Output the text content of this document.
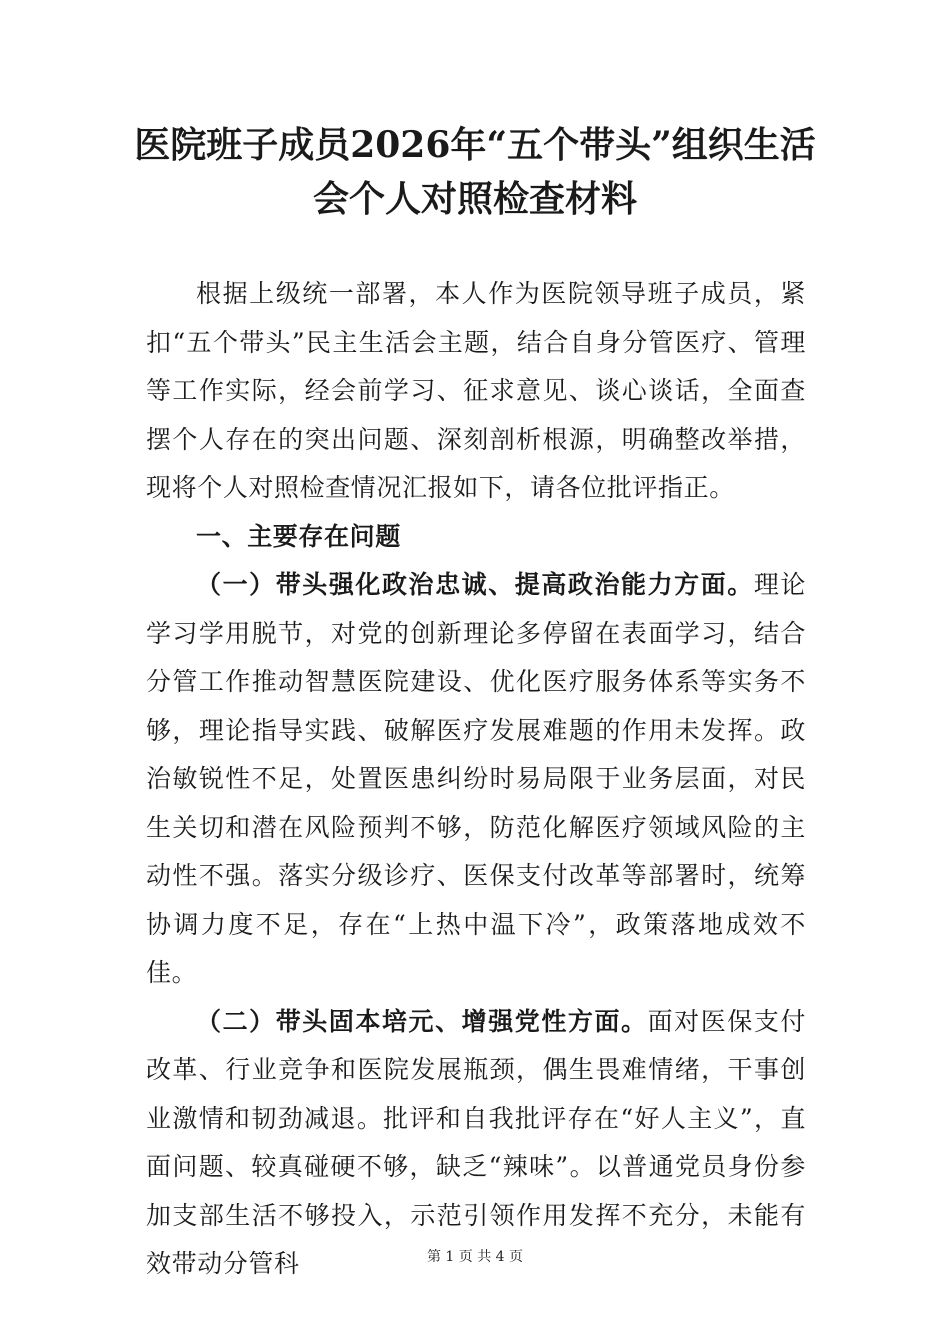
医院班子成员2026年“五个带头”组织生活会个人对照检查材料

根据上级统一部署，本人作为医院领导班子成员，紧扣“五个带头”民主生活会主题，结合自身分管医疗、管理等工作实际，经会前学习、征求意见、谈心谈话，全面查摆个人存在的突出问题、深刻剖析根源，明确整改举措，现将个人对照检查情况汇报如下，请各位批评指正。

一、主要存在问题

（一）带头强化政治忠诚、提高政治能力方面。理论学习学用脱节，对党的创新理论多停留在表面学习，结合分管工作推动智慧医院建设、优化医疗服务体系等实务不够，理论指导实践、破解医疗发展难题的作用未发挥。政治敏锐性不足，处置医患纠纷时易局限于业务层面，对民生关切和潜在风险预判不够，防范化解医疗领域风险的主动性不强。落实分级诊疗、医保支付改革等部署时，统筹协调力度不足，存在“上热中温下冷”，政策落地成效不佳。

（二）带头固本培元、增强党性方面。面对医保支付改革、行业竞争和医院发展瓶颈，偶生畏难情绪，干事创业激情和韧劲减退。批评和自我批评存在“好人主义”，直面问题、较真碰硬不够，缺乏“辣味”。以普通党员身份参加支部生活不够投入，示范引领作用发挥不充分，未能有效带动分管科	第 1 页 共 4 页
